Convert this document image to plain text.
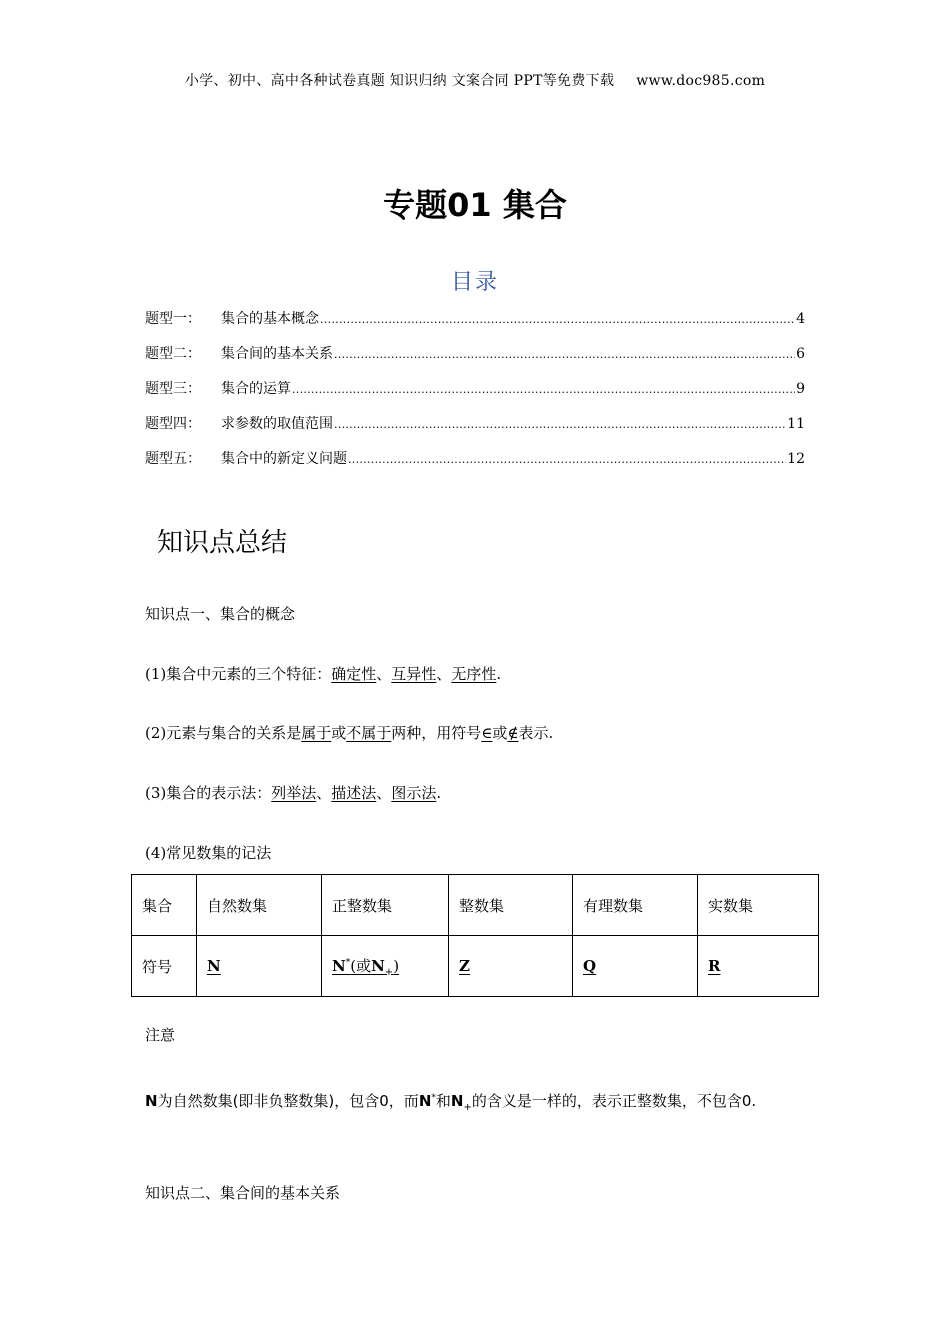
小学、初中、高中各种试卷真题 知识归纳 文案合同 PPT等免费下载 www.doc985.com
专题01 集合
目录
题型一：	集合的基本概念 .....	4
题型二：	集合间的基本关系 .....	6
题型三：	集合的运算 .....	9
题型四：	求参数的取值范围 .....	11
题型五：	集合中的新定义问题 .....	12
知识点总结
知识点一、集合的概念
(1)集合中元素的三个特征：确定性、互异性、无序性.
(2)元素与集合的关系是属于或不属于两种，用符号∈或∉表示.
(3)集合的表示法：列举法、描述法、图示法.
(4)常见数集的记法
集合	自然数集	正整数集	整数集	有理数集	实数集
符号	N	N*(或$N_+$)	Z	Q	R
注意
N为自然数集(即非负整数集)，包含0，而N*和$N_+$的含义是一样的，表示正整数集，不包含0.
知识点二、集合间的基本关系
